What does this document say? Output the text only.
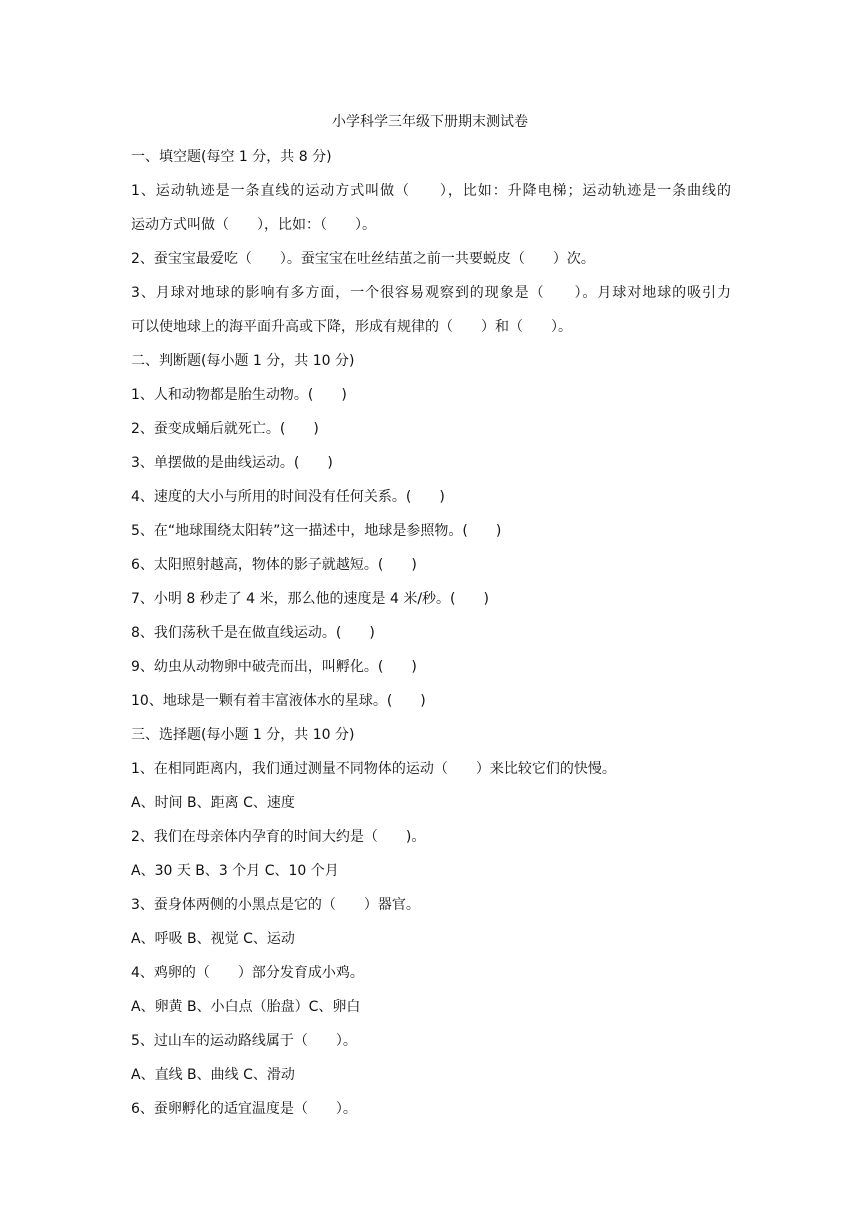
小学科学三年级下册期末测试卷
一、填空题(每空 1 分，共 8 分)
1、运动轨迹是一条直线的运动方式叫做（　　），比如：升降电梯；运动轨迹是一条曲线的
运动方式叫做（　　），比如：（　　）。
2、蚕宝宝最爱吃（　　）。蚕宝宝在吐丝结茧之前一共要蜕皮（　　）次。
3、月球对地球的影响有多方面，一个很容易观察到的现象是（　　）。月球对地球的吸引力
可以使地球上的海平面升高或下降，形成有规律的（　　）和（　　）。
二、判断题(每小题 1 分，共 10 分)
1、人和动物都是胎生动物。(　　)
2、蚕变成蛹后就死亡。(　　)
3、单摆做的是曲线运动。(　　)
4、速度的大小与所用的时间没有任何关系。(　　)
5、在“地球围绕太阳转”这一描述中，地球是参照物。(　　)
6、太阳照射越高，物体的影子就越短。(　　)
7、小明 8 秒走了 4 米，那么他的速度是 4 米/秒。(　　)
8、我们荡秋千是在做直线运动。(　　)
9、幼虫从动物卵中破壳而出，叫孵化。(　　)
10、地球是一颗有着丰富液体水的星球。(　　)
三、选择题(每小题 1 分，共 10 分)
1、在相同距离内，我们通过测量不同物体的运动（　　）来比较它们的快慢。
A、时间 B、距离 C、速度
2、我们在母亲体内孕育的时间大约是（　　)。
A、30 天 B、3 个月 C、10 个月
3、蚕身体两侧的小黑点是它的（　　）器官。
A、呼吸 B、视觉 C、运动
4、鸡卵的（　　）部分发育成小鸡。
A、卵黄 B、小白点（胎盘）C、卵白
5、过山车的运动路线属于（　　）。
A、直线 B、曲线 C、滑动
6、蚕卵孵化的适宜温度是（　　）。
